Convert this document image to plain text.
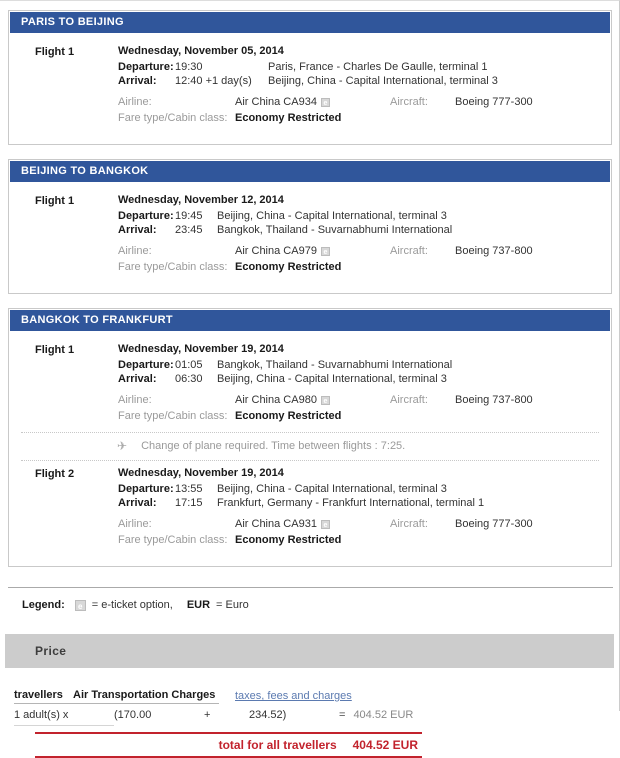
PARIS TO BEIJING
Flight 1	Wednesday, November 05, 2014
Departure: 19:30	Paris, France - Charles De Gaulle, terminal 1
Arrival:	12:40 +1 day(s)	Beijing, China - Capital International, terminal 3
Airline:	Air China CA934 e	Aircraft:	Boeing 777-300
Fare type/Cabin class: Economy Restricted
BEIJING TO BANGKOK
Flight 1	Wednesday, November 12, 2014
Departure: 19:45	Beijing, China - Capital International, terminal 3
Arrival:	23:45	Bangkok, Thailand - Suvarnabhumi International
Airline:	Air China CA979 e	Aircraft:	Boeing 737-800
Fare type/Cabin class: Economy Restricted
BANGKOK TO FRANKFURT
Flight 1	Wednesday, November 19, 2014
Departure: 01:05	Bangkok, Thailand - Suvarnabhumi International
Arrival:	06:30	Beijing, China - Capital International, terminal 3
Airline:	Air China CA980 e	Aircraft:	Boeing 737-800
Fare type/Cabin class: Economy Restricted
✈ Change of plane required. Time between flights : 7:25.
Flight 2	Wednesday, November 19, 2014
Departure: 13:55	Beijing, China - Capital International, terminal 3
Arrival:	17:15	Frankfurt, Germany - Frankfurt International, terminal 1
Airline:	Air China CA931 e	Aircraft:	Boeing 777-300
Fare type/Cabin class: Economy Restricted
Legend:	e = e-ticket option, EUR = Euro
Price
travellers Air Transportation Charges	taxes, fees and charges
1 adult(s) x	(170.00	+	234.52)	= 404.52 EUR
total for all travellers 404.52 EUR
